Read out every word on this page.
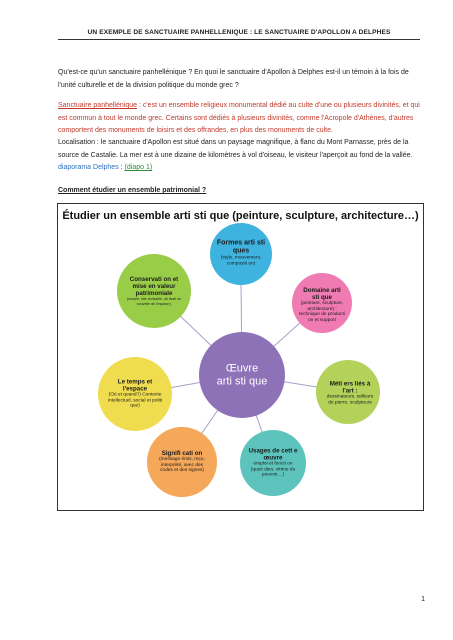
UN EXEMPLE DE SANCTUAIRE PANHELLENIQUE : LE SANCTUAIRE D'APOLLON A DELPHES
Qu'est-ce qu'un sanctuaire panhellénique ? En quoi le sanctuaire d'Apollon à Delphes est-il un témoin à la fois de l'unité culturelle et de la division politique du monde grec ?
Sanctuaire panhellénique : c'est un ensemble religieux monumental dédié au culte d'une ou plusieurs divinités, et qui est commun à tout le monde grec. Certains sont dédiés à plusieurs divinités, comme l'Acropole d'Athènes, d'autres comportent des monuments de loisirs et des offrandes, en plus des monuments de culte.
Localisation : le sanctuaire d'Apollon est situé dans un paysage magnifique, à flanc du Mont Parnasse, près de la source de Castalie. La mer est à une dizaine de kilomètres à vol d'oiseau, le visiteur l'aperçoit au fond de la vallée.
diaporama Delphes : (diapo 1)
Comment étudier un ensemble patrimonial ?
Étudier un ensemble arti sti que (peinture, sculpture, architecture…)
Formes arti sti ques
(style, mouvement, compositi on)
Domaine arti sti que
(peinture, sculpture, architecture) : technique de producti on et support
Méti ers liés à l'art :
dessinateurs, tailleurs de pierre, sculpteurs
Usages de cett e œuvre
emploi et foncti on (quoti dien, vitrine du pouvoir…)
Signifi cati on
(message émis, reçu, interprété, avec des codes et des signes)
Le temps et l'espace
(Où et quand?) Contexte intellectuel, social et politi que)
Conservati on et mise en valeur patrimoniale
(musée, site révisable, uti lisati on nouvelle de l'espace;)
Œuvre
arti sti que
1
